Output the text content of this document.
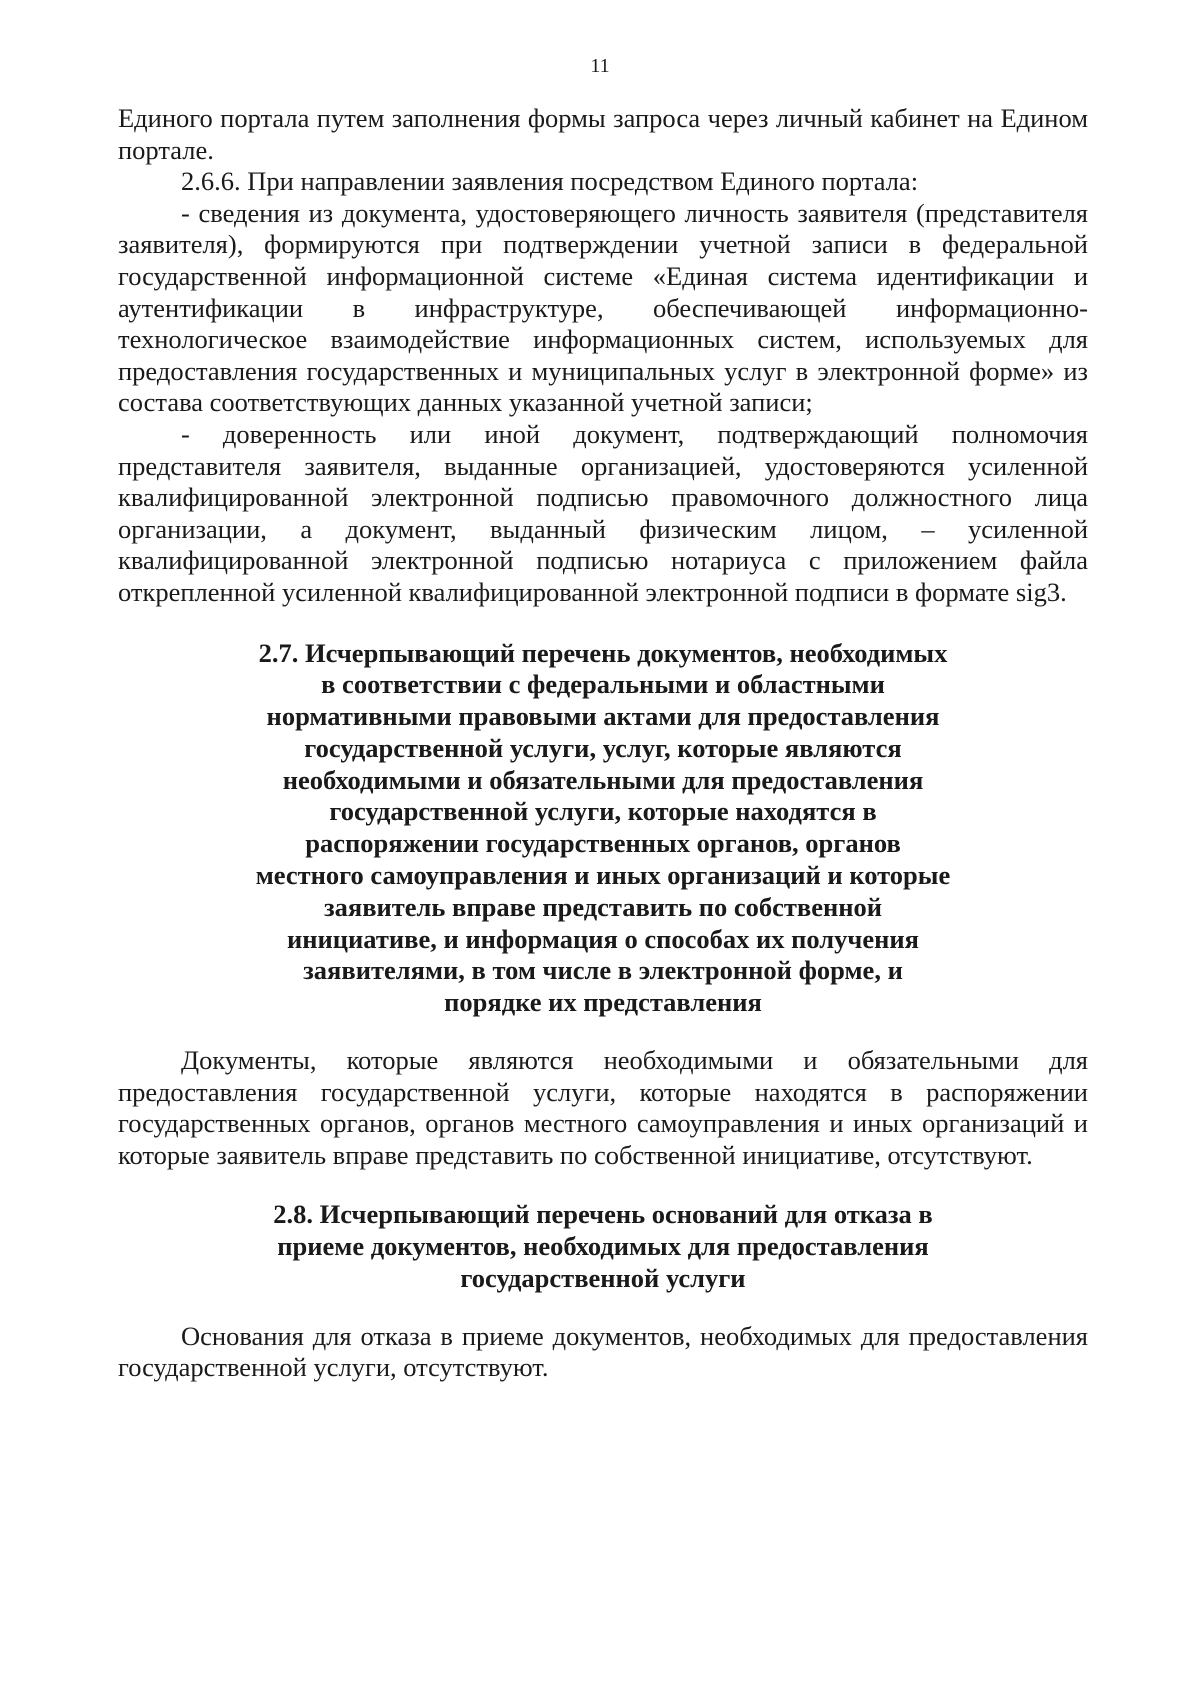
11

Единого портала путем заполнения формы запроса через личный кабинет на Едином портале.

2.6.6. При направлении заявления посредством Единого портала:

- сведения из документа, удостоверяющего личность заявителя (представителя заявителя), формируются при подтверждении учетной записи в федеральной государственной информационной системе «Единая система идентификации и аутентификации в инфраструктуре, обеспечивающей информационно-технологическое взаимодействие информационных систем, используемых для предоставления государственных и муниципальных услуг в электронной форме» из состава соответствующих данных указанной учетной записи;

- доверенность или иной документ, подтверждающий полномочия представителя заявителя, выданные организацией, удостоверяются усиленной квалифицированной электронной подписью правомочного должностного лица организации, а документ, выданный физическим лицом, – усиленной квалифицированной электронной подписью нотариуса с приложением файла открепленной усиленной квалифицированной электронной подписи в формате sig3.

2.7. Исчерпывающий перечень документов, необходимых в соответствии с федеральными и областными нормативными правовыми актами для предоставления государственной услуги, услуг, которые являются необходимыми и обязательными для предоставления государственной услуги, которые находятся в распоряжении государственных органов, органов местного самоуправления и иных организаций и которые заявитель вправе представить по собственной инициативе, и информация о способах их получения заявителями, в том числе в электронной форме, и порядке их представления

Документы, которые являются необходимыми и обязательными для предоставления государственной услуги, которые находятся в распоряжении государственных органов, органов местного самоуправления и иных организаций и которые заявитель вправе представить по собственной инициативе, отсутствуют.

2.8. Исчерпывающий перечень оснований для отказа в приеме документов, необходимых для предоставления государственной услуги

Основания для отказа в приеме документов, необходимых для предоставления государственной услуги, отсутствуют.
